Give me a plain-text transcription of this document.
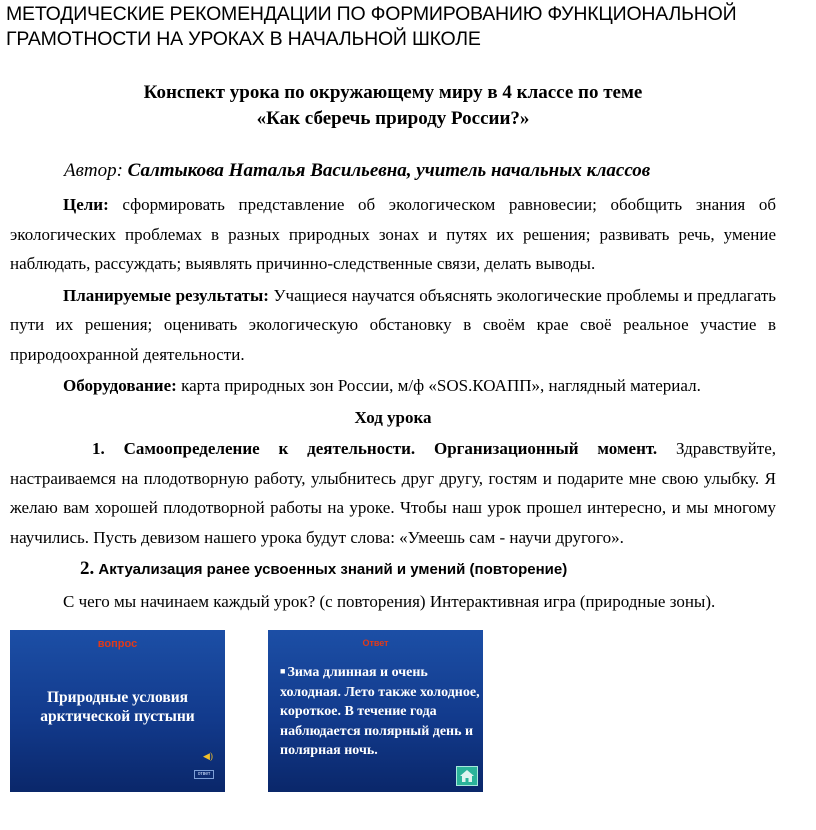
МЕТОДИЧЕСКИЕ РЕКОМЕНДАЦИИ ПО ФОРМИРОВАНИЮ ФУНКЦИОНАЛЬНОЙ
ГРАМОТНОСТИ НА УРОКАХ В НАЧАЛЬНОЙ ШКОЛЕ
Конспект урока по окружающему миру в 4 классе по теме
«Как сберечь природу России?»
Автор: Салтыкова Наталья Васильевна, учитель начальных классов

Цели: сформировать представление об экологическом равновесии; обобщить знания об экологических проблемах в разных природных зонах и путях их решения; развивать речь, умение наблюдать, рассуждать; выявлять причинно-следственные связи, делать выводы.

Планируемые результаты: Учащиеся научатся объяснять экологические проблемы и предлагать пути их решения; оценивать экологическую обстановку в своём крае своё реальное участие в природоохранной деятельности.

Оборудование: карта природных зон России, м/ф «SOS.КОАПП», наглядный материал.

Ход урока

1. Самоопределение к деятельности. Организационный момент. Здравствуйте, настраиваемся на плодотворную работу, улыбнитесь друг другу, гостям и подарите мне свою улыбку. Я желаю вам хорошей плодотворной работы на уроке. Чтобы наш урок прошел интересно, и мы многому научились. Пусть девизом нашего урока будут слова: «Умеешь сам - научи другого».

2. Актуализация ранее усвоенных знаний и умений (повторение)

С чего мы начинаем каждый урок? (с повторения) Интерактивная игра (природные зоны).

вопрос
Природные условия арктической пустыни
◀)
ответ
Ответ
■ Зима длинная и очень холодная. Лето также холодное, короткое. В течение года наблюдается полярный день и полярная ночь.
